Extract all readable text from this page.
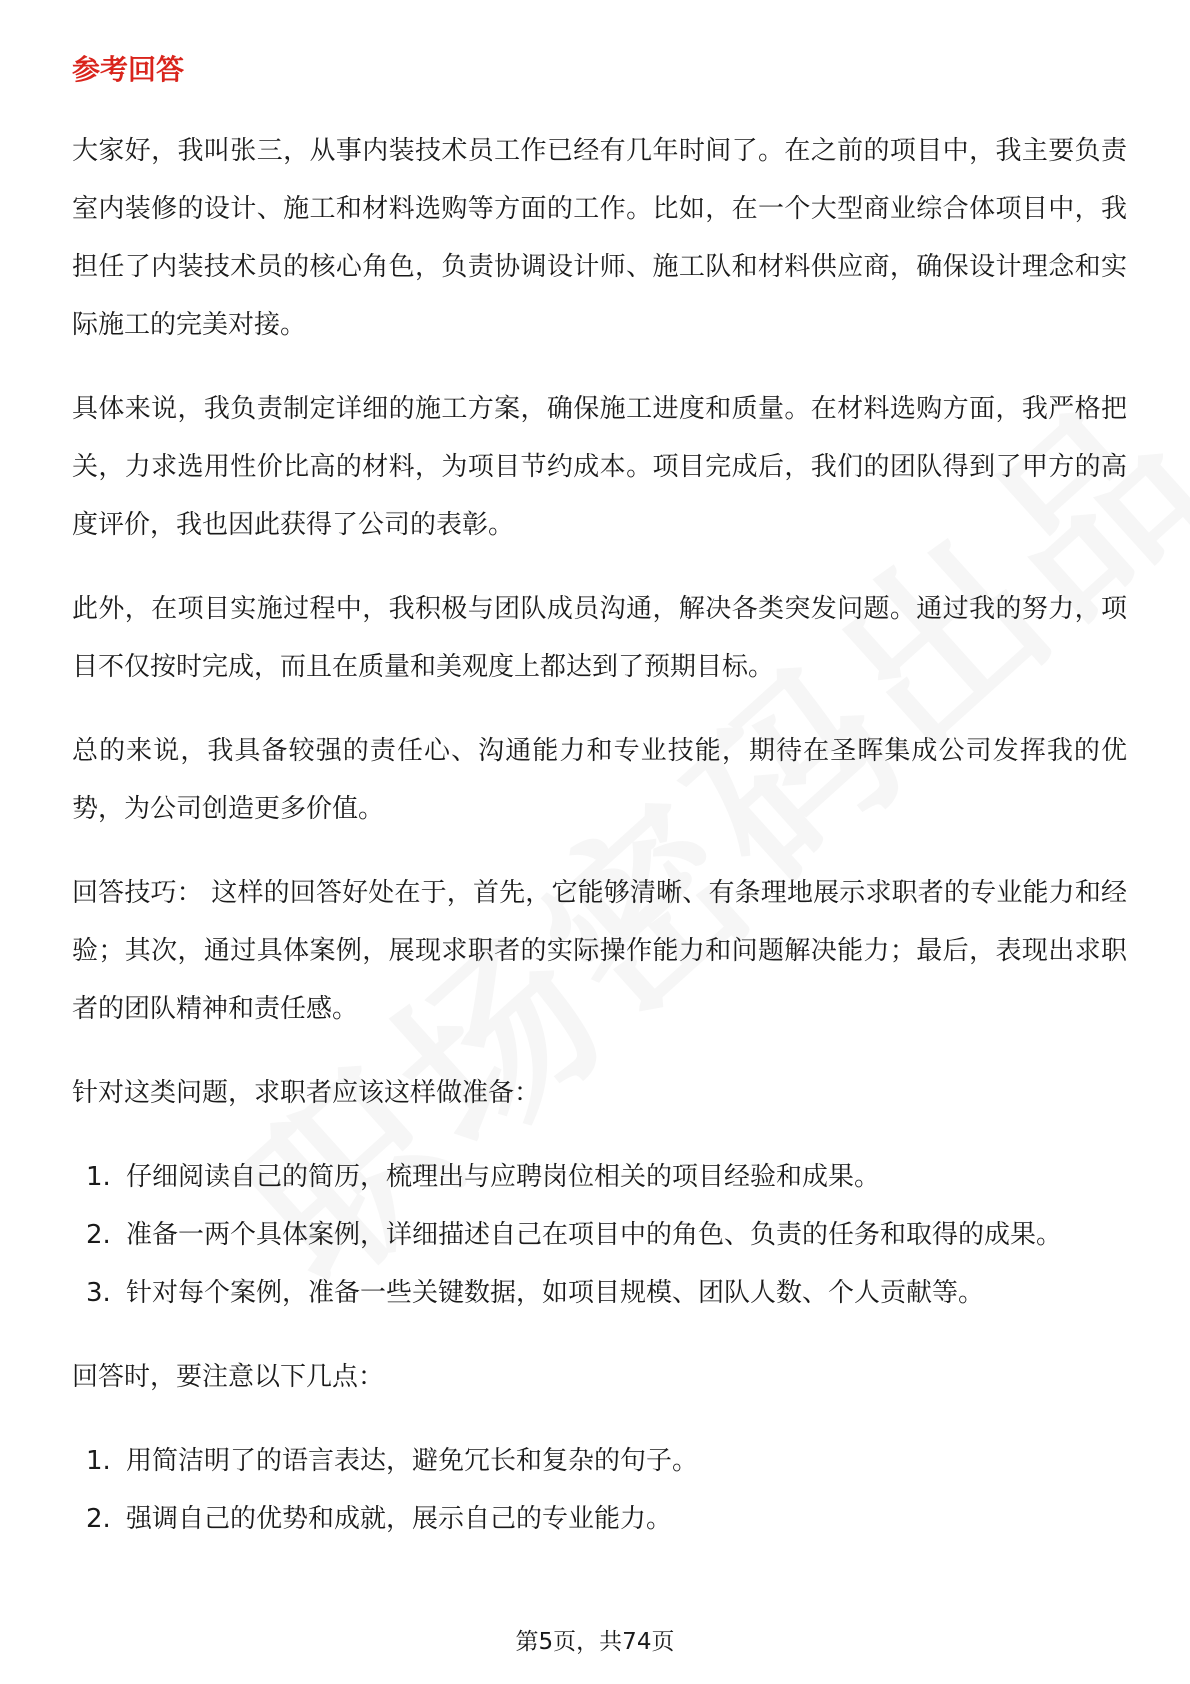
参考回答

大家好，我叫张三，从事内装技术员工作已经有几年时间了。在之前的项目中，我主要负责室内装修的设计、施工和材料选购等方面的工作。比如，在一个大型商业综合体项目中，我担任了内装技术员的核心角色，负责协调设计师、施工队和材料供应商，确保设计理念和实际施工的完美对接。

具体来说，我负责制定详细的施工方案，确保施工进度和质量。在材料选购方面，我严格把关，力求选用性价比高的材料，为项目节约成本。项目完成后，我们的团队得到了甲方的高度评价，我也因此获得了公司的表彰。

此外，在项目实施过程中，我积极与团队成员沟通，解决各类突发问题。通过我的努力，项目不仅按时完成，而且在质量和美观度上都达到了预期目标。

总的来说，我具备较强的责任心、沟通能力和专业技能，期待在圣晖集成公司发挥我的优势，为公司创造更多价值。

回答技巧： 这样的回答好处在于，首先，它能够清晰、有条理地展示求职者的专业能力和经验；其次，通过具体案例，展现求职者的实际操作能力和问题解决能力；最后，表现出求职者的团队精神和责任感。

针对这类问题，求职者应该这样做准备：

1. 仔细阅读自己的简历，梳理出与应聘岗位相关的项目经验和成果。
2. 准备一两个具体案例，详细描述自己在项目中的角色、负责的任务和取得的成果。
3. 针对每个案例，准备一些关键数据，如项目规模、团队人数、个人贡献等。

回答时，要注意以下几点：

1. 用简洁明了的语言表达，避免冗长和复杂的句子。
2. 强调自己的优势和成就，展示自己的专业能力。
第5页，共74页
